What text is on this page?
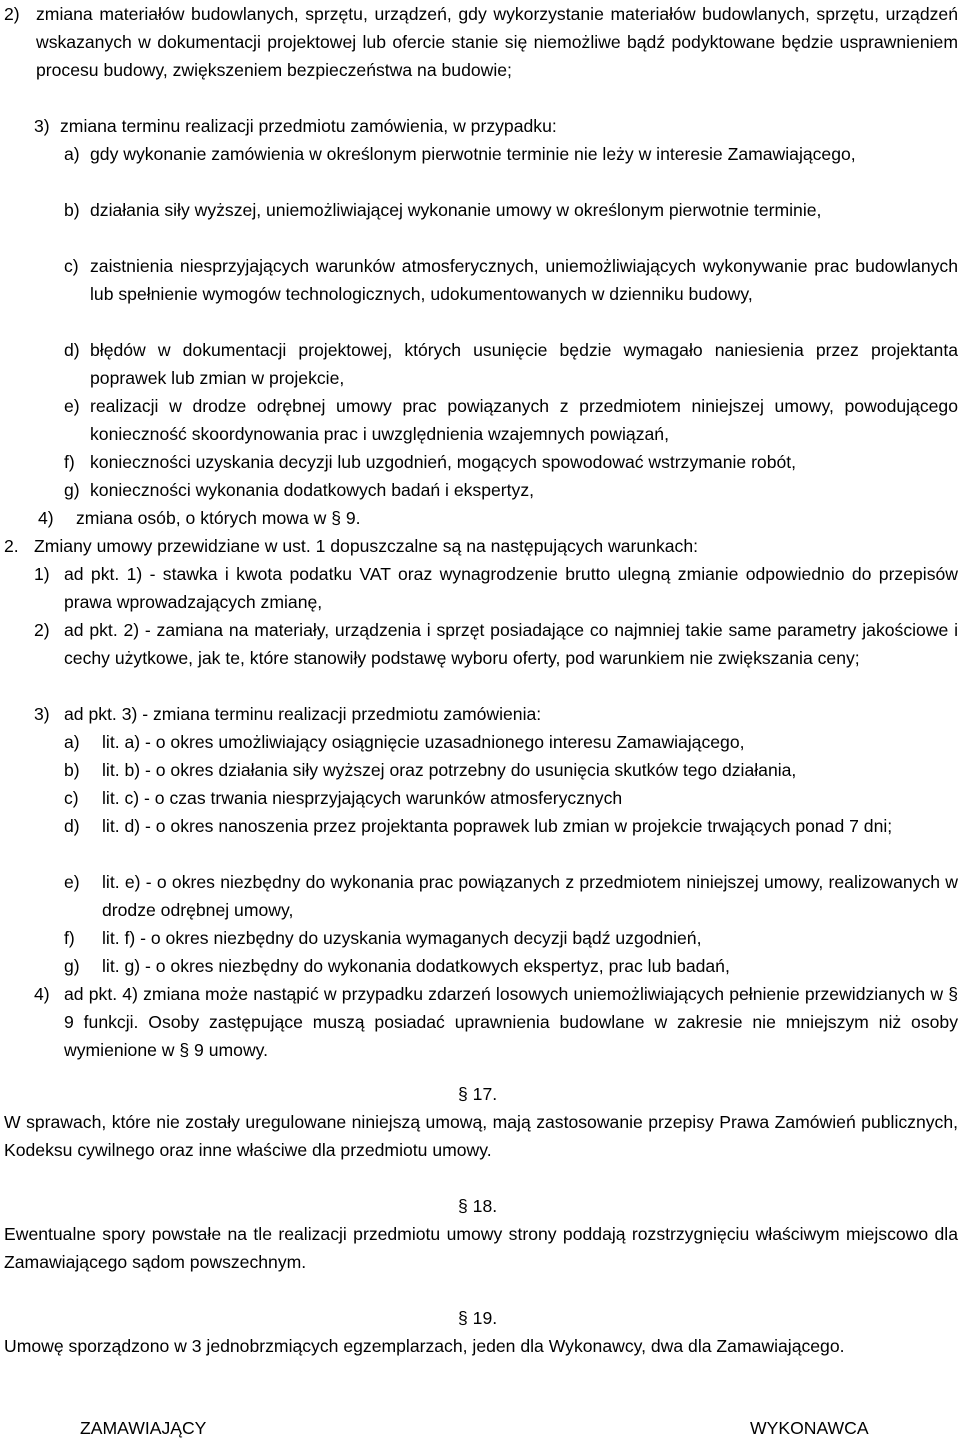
2) zmiana materiałów budowlanych, sprzętu, urządzeń, gdy wykorzystanie materiałów budowlanych, sprzętu, urządzeń wskazanych w dokumentacji projektowej lub ofercie stanie się niemożliwe bądź podyktowane będzie usprawnieniem procesu budowy, zwiększeniem bezpieczeństwa na budowie;
3) zmiana terminu realizacji przedmiotu zamówienia, w przypadku:
a) gdy wykonanie zamówienia w określonym pierwotnie terminie nie leży w interesie Zamawiającego,
b) działania siły wyższej, uniemożliwiającej wykonanie umowy w określonym pierwotnie terminie,
c) zaistnienia niesprzyjających warunków atmosferycznych, uniemożliwiających wykonywanie prac budowlanych lub spełnienie wymogów technologicznych, udokumentowanych w dzienniku budowy,
d) błędów w dokumentacji projektowej, których usunięcie będzie wymagało naniesienia przez projektanta poprawek lub zmian w projekcie,
e) realizacji w drodze odrębnej umowy prac powiązanych z przedmiotem niniejszej umowy, powodującego konieczność skoordynowania prac i uwzględnienia wzajemnych powiązań,
f) konieczności uzyskania decyzji lub uzgodnień, mogących spowodować wstrzymanie robót,
g) konieczności wykonania dodatkowych badań i ekspertyz,
4)	zmiana osób, o których mowa w § 9.
2. Zmiany umowy przewidziane w ust. 1 dopuszczalne są na następujących warunkach:
1) ad pkt. 1) - stawka i kwota podatku VAT oraz wynagrodzenie brutto ulegną zmianie odpowiednio do przepisów prawa wprowadzających zmianę,
2) ad pkt. 2) - zamiana na materiały, urządzenia i sprzęt posiadające co najmniej takie same parametry jakościowe i cechy użytkowe, jak te, które stanowiły podstawę wyboru oferty, pod warunkiem nie zwiększania ceny;
3) ad pkt. 3) - zmiana terminu realizacji przedmiotu zamówienia:
a)	lit. a) - o okres umożliwiający osiągnięcie uzasadnionego interesu Zamawiającego,
b)	lit. b) - o okres działania siły wyższej oraz potrzebny do usunięcia skutków tego działania,
c)	lit. c) - o czas trwania niesprzyjających warunków atmosferycznych
d)	lit. d) - o okres nanoszenia przez projektanta poprawek lub zmian w projekcie trwających ponad 7 dni;
e)	lit. e) - o okres niezbędny do wykonania prac powiązanych z przedmiotem niniejszej umowy, realizowanych w drodze odrębnej umowy,
f)	lit. f) - o okres niezbędny do uzyskania wymaganych decyzji bądź uzgodnień,
g)	lit. g) - o okres niezbędny do wykonania dodatkowych ekspertyz, prac lub badań,
4) ad pkt. 4) zmiana może nastąpić w przypadku zdarzeń losowych uniemożliwiających pełnienie przewidzianych w § 9 funkcji. Osoby zastępujące muszą posiadać uprawnienia budowlane w zakresie nie mniejszym niż osoby wymienione w § 9 umowy.
§ 17.
W sprawach, które nie zostały uregulowane niniejszą umową, mają zastosowanie przepisy Prawa Zamówień publicznych, Kodeksu cywilnego oraz inne właściwe dla przedmiotu umowy.
§ 18.
Ewentualne spory powstałe na tle realizacji przedmiotu umowy strony poddają rozstrzygnięciu właściwym miejscowo dla Zamawiającego sądom powszechnym.
§ 19.
Umowę sporządzono w 3 jednobrzmiących egzemplarzach, jeden dla Wykonawcy, dwa dla Zamawiającego.
ZAMAWIAJĄCY	WYKONAWCA
